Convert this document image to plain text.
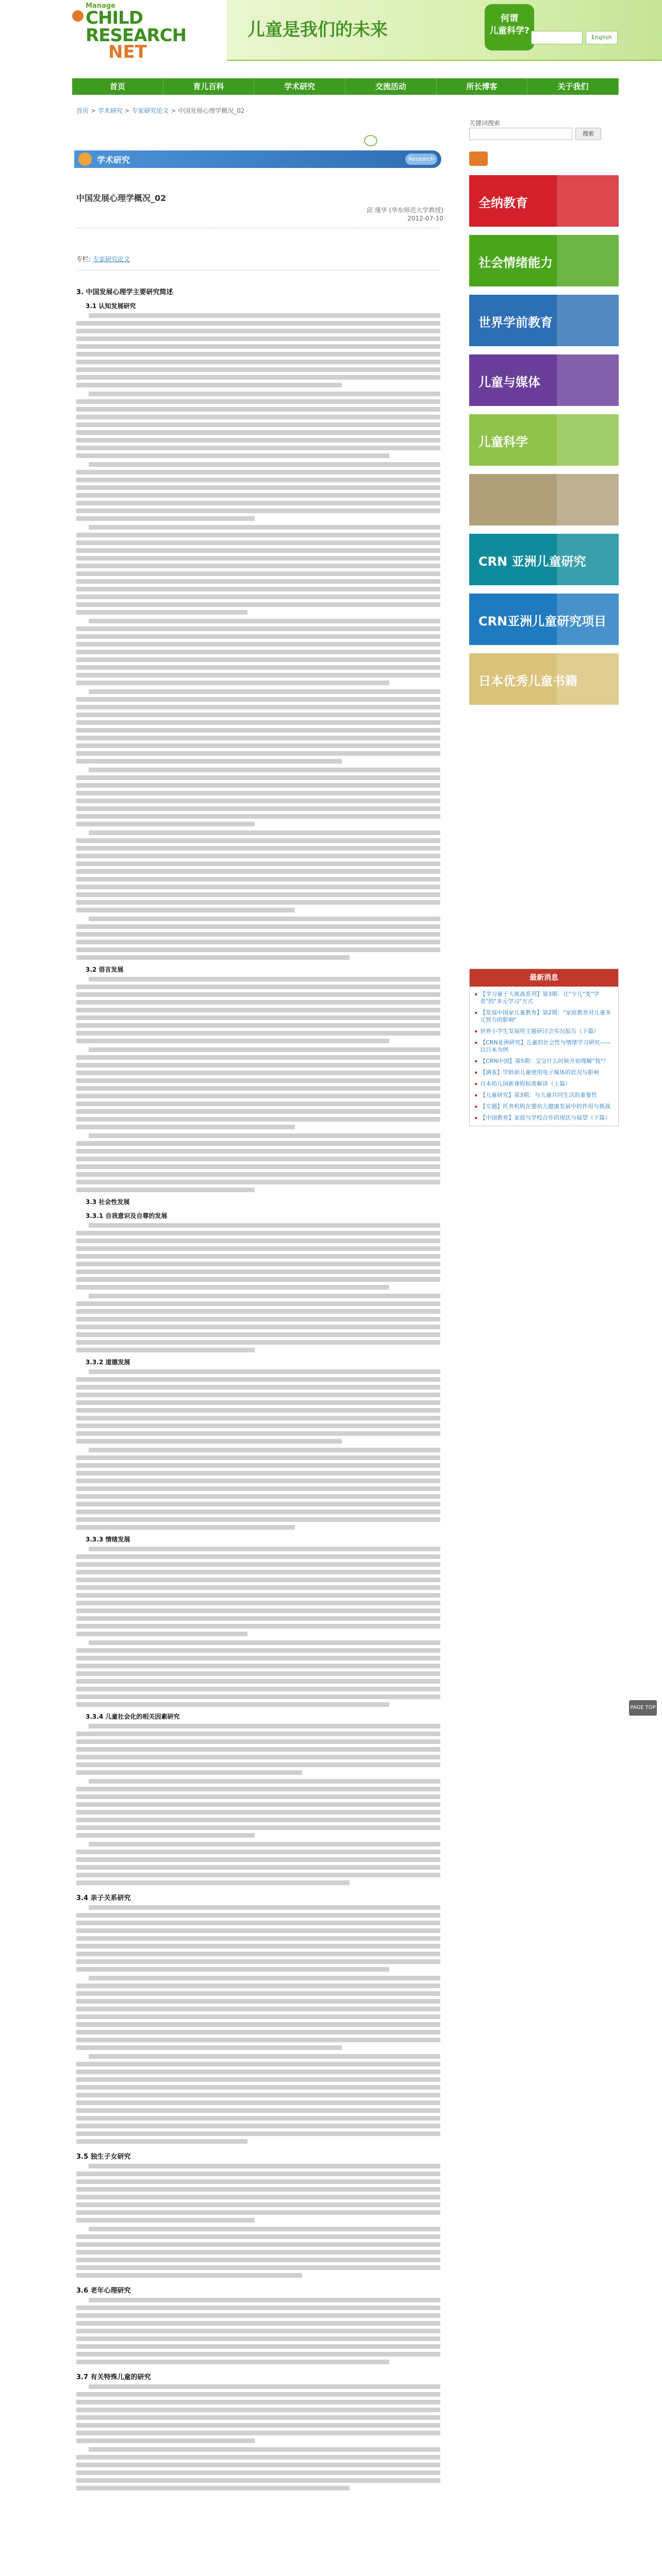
Manage
CHILD
RESEARCH
NET
儿童是我们的未来
何谓
儿童科学?
English
首页	育儿百科	学术研究	交流活动	所长博客	关于我们
首页 > 学术研究 > 专家研究论文 > 中国发展心理学概况_02
学术研究	Research
中国发展心理学概况_02
邱 瑾华 (华东师范大学教授)
2012-07-10
专栏: 专家研究论文
3. 中国发展心理学主要研究简述
3.1 认知发展研究
3.2 语言发展
3.3 社会性发展
3.3.1 自我意识及自尊的发展
3.3.2 道德发展
3.3.3 情绪发展
3.3.4 儿童社会化的相关因素研究
3.4 亲子关系研究
3.5 独生子女研究
3.6 老年心理研究
3.7 有关特殊儿童的研究
关键词搜索
搜索
全纳教育
社会情绪能力
世界学前教育
儿童与媒体
儿童科学
CRN 亚洲儿童研究
CRN亚洲儿童研究项目
日本优秀儿童书籍
最新消息
【学习童子大挑战系列】第3期：让"少儿"变"学者"的"多元学习"方式
【发展中国家儿童教育】第2期："家庭教育对儿童多元智力的影响"
世界小学生发展所主题研讨会实况报告（下篇）
【CRN亚洲研究】儿童的社会性与情绪学习研究——以日本为例
【CRN中国】第5期：宝宝什么时候开始理解"我"？
【调查】学龄前儿童使用电子媒体的状况与影响
日本幼儿园新课程标准解读（上篇）
【儿童研究】第3期：与儿童共同生活的重要性
【专题】托育机构在婴幼儿健康发展中的作用与挑战
【中国教育】家庭与学校合作的现状与展望（下篇）
PAGE TOP
